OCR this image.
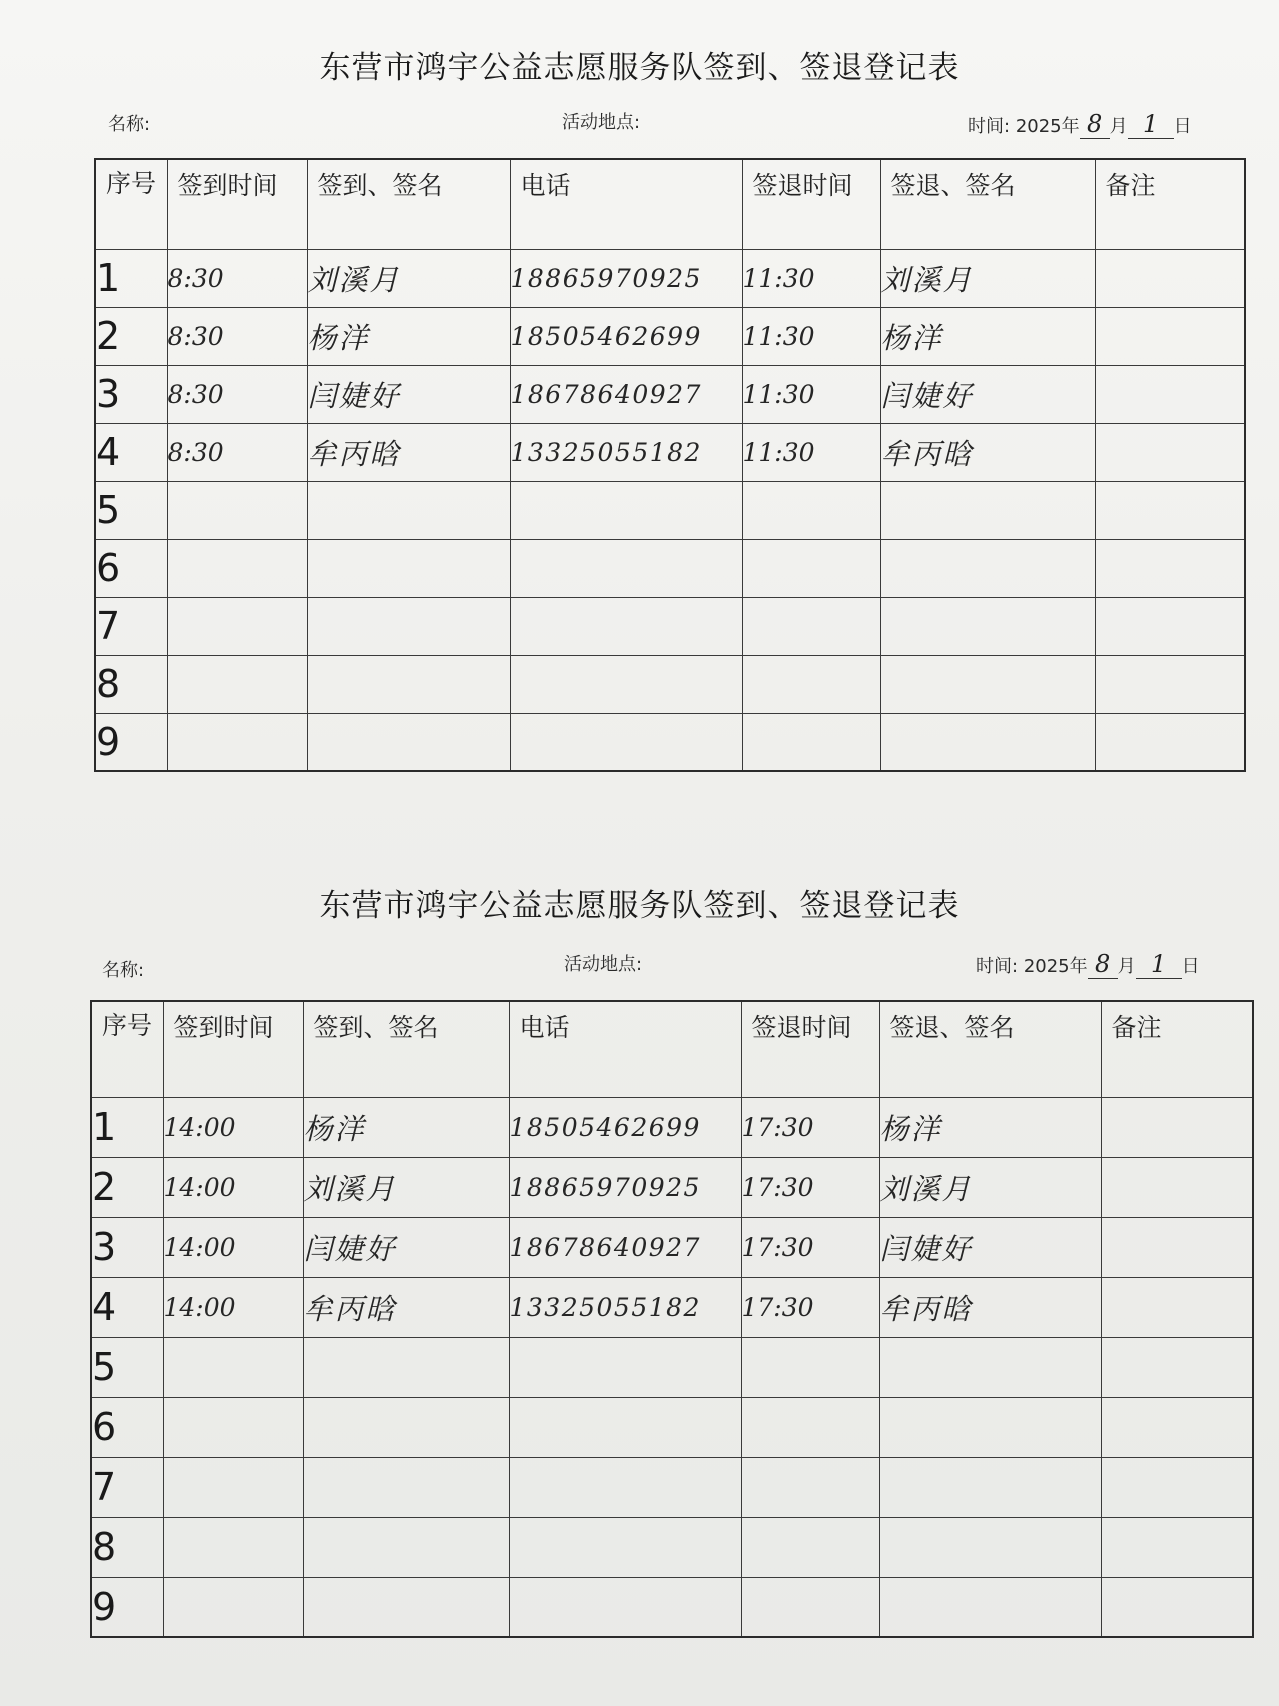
东营市鸿宇公益志愿服务队签到、签退登记表
名称:	活动地点:	时间: 2025年 8 月 1 日
序号	签到时间	签到、签名	电话	签退时间	签退、签名	备注
1	8:30	刘溪月	18865970925	11:30	刘溪月	
2	8:30	杨洋	18505462699	11:30	杨洋	
3	8:30	闫婕好	18678640927	11:30	闫婕好	
4	8:30	牟丙晗	13325055182	11:30	牟丙晗	
5						
6						
7						
8						
9						
东营市鸿宇公益志愿服务队签到、签退登记表
名称:	活动地点:	时间: 2025年 8 月 1 日
序号	签到时间	签到、签名	电话	签退时间	签退、签名	备注
1	14:00	杨洋	18505462699	17:30	杨洋	
2	14:00	刘溪月	18865970925	17:30	刘溪月	
3	14:00	闫婕好	18678640927	17:30	闫婕好	
4	14:00	牟丙晗	13325055182	17:30	牟丙晗	
5						
6						
7						
8						
9						
